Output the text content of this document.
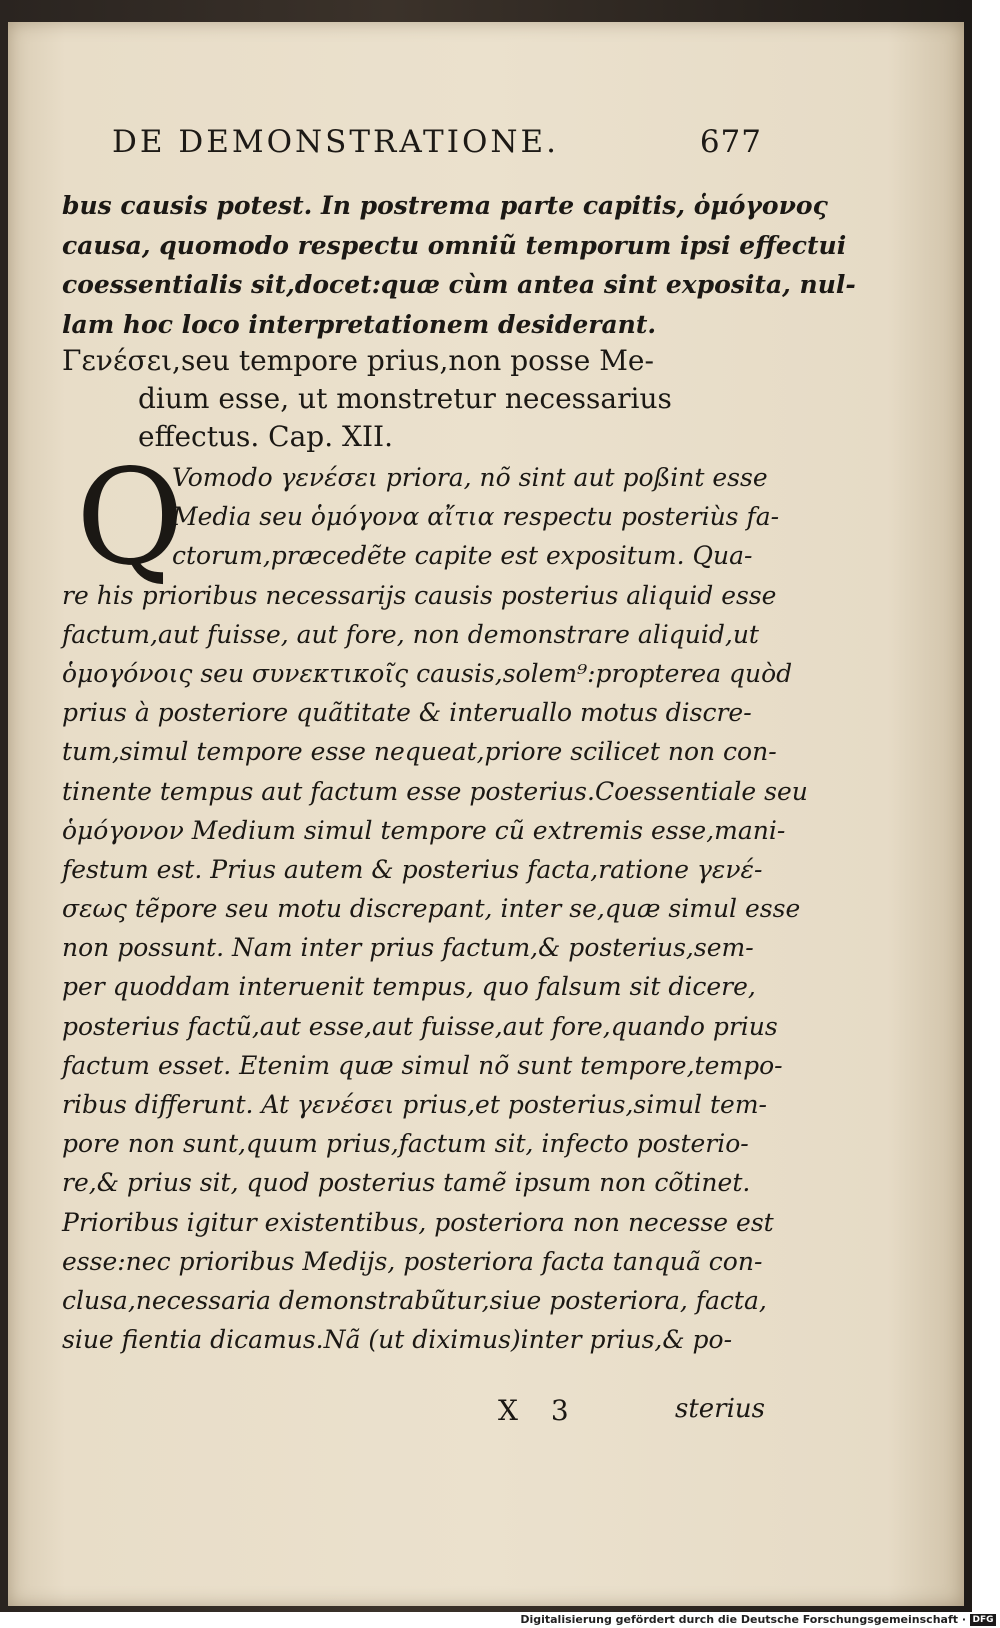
DE DEMONSTRATIONE.	677
bus causis potest. In postrema parte capitis, ὁμόγονος
causa, quomodo respectu omniũ temporum ipsi effectui
coessentialis sit,docet:quæ cùm antea sint exposita, nul-
lam hoc loco interpretationem desiderant.
Γενέσει,seu tempore prius,non posse Me-
dium esse, ut monstretur necessarius
effectus. Cap. XII.
Q
Vomodo γενέσει priora, nõ sint aut poßint esse
Media seu ὁμόγονα αἴτια respectu posteriùs fa-
ctorum,præcedẽte capite est expositum. Qua-
re his prioribus necessarijs causis posterius aliquid esse
factum,aut fuisse, aut fore, non demonstrare aliquid,ut
ὁμογόνοις seu συνεκτικοῖς causis,solem⁹:propterea quòd
prius à posteriore quãtitate & interuallo motus discre-
tum,simul tempore esse nequeat,priore scilicet non con-
tinente tempus aut factum esse posterius.Coessentiale seu
ὁμόγονον Medium simul tempore cũ extremis esse,mani-
festum est. Prius autem & posterius facta,ratione γενέ-
σεως tẽpore seu motu discrepant, inter se,quæ simul esse
non possunt. Nam inter prius factum,& posterius,sem-
per quoddam interuenit tempus, quo falsum sit dicere,
posterius factũ,aut esse,aut fuisse,aut fore,quando prius
factum esset. Etenim quæ simul nõ sunt tempore,tempo-
ribus differunt. At γενέσει prius,et posterius,simul tem-
pore non sunt,quum prius,factum sit, infecto posterio-
re,& prius sit, quod posterius tamẽ ipsum non cõtinet.
Prioribus igitur existentibus, posteriora non necesse est
esse:nec prioribus Medijs, posteriora facta tanquã con-
clusa,necessaria demonstrabũtur,siue posteriora, facta,
siue fientia dicamus.Nã (ut diximus)inter prius,& po-
X 3	sterius
Digitalisierung gefördert durch die Deutsche Forschungsgemeinschaft · DFG
